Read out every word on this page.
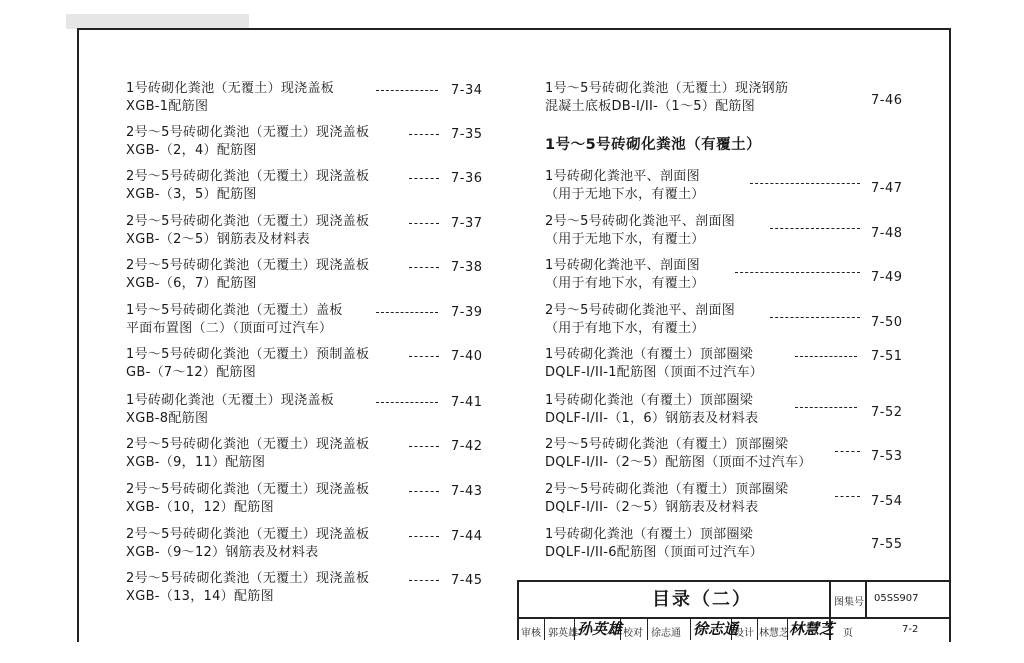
1号砖砌化粪池（无覆土）现浇盖板
XGB-1配筋图
7-34
2号～5号砖砌化粪池（无覆土）现浇盖板
XGB-（2，4）配筋图
7-35
2号～5号砖砌化粪池（无覆土）现浇盖板
XGB-（3，5）配筋图
7-36
2号～5号砖砌化粪池（无覆土）现浇盖板
XGB-（2～5）钢筋表及材料表
7-37
2号～5号砖砌化粪池（无覆土）现浇盖板
XGB-（6，7）配筋图
7-38
1号～5号砖砌化粪池（无覆土）盖板
平面布置图（二）（顶面可过汽车）
7-39
1号～5号砖砌化粪池（无覆土）预制盖板
GB-（7～12）配筋图
7-40
1号砖砌化粪池（无覆土）现浇盖板
XGB-8配筋图
7-41
2号～5号砖砌化粪池（无覆土）现浇盖板
XGB-（9，11）配筋图
7-42
2号～5号砖砌化粪池（无覆土）现浇盖板
XGB-（10，12）配筋图
7-43
2号～5号砖砌化粪池（无覆土）现浇盖板
XGB-（9～12）钢筋表及材料表
7-44
2号～5号砖砌化粪池（无覆土）现浇盖板
XGB-（13，14）配筋图
7-45
1号～5号砖砌化粪池（无覆土）现浇钢筋
混凝土底板DB-I/II-（1～5）配筋图	7-46
1号～5号砖砌化粪池（有覆土）
1号砖砌化粪池平、剖面图
（用于无地下水，有覆土）	7-47
2号～5号砖砌化粪池平、剖面图
（用于无地下水，有覆土）	7-48
1号砖砌化粪池平、剖面图
（用于有地下水，有覆土）	7-49
2号～5号砖砌化粪池平、剖面图
（用于有地下水，有覆土）	7-50
1号砖砌化粪池（有覆土）顶部圈梁
DQLF-I/II-1配筋图（顶面不过汽车）
7-51
1号砖砌化粪池（有覆土）顶部圈梁
DQLF-I/II-（1，6）钢筋表及材料表	7-52
2号～5号砖砌化粪池（有覆土）顶部圈梁
DQLF-I/II-（2～5）配筋图（顶面不过汽车）	7-53
2号～5号砖砌化粪池（有覆土）顶部圈梁
DQLF-I/II-（2～5）钢筋表及材料表	7-54
1号砖砌化粪池（有覆土）顶部圈梁
DQLF-I/II-6配筋图（顶面可过汽车）
7-55
目录（二）	图集号 05SS907
审核 郭英雄 孙英雄 校对 徐志通 徐志通
设计 林慧芝 林慧芝 页	7-2
